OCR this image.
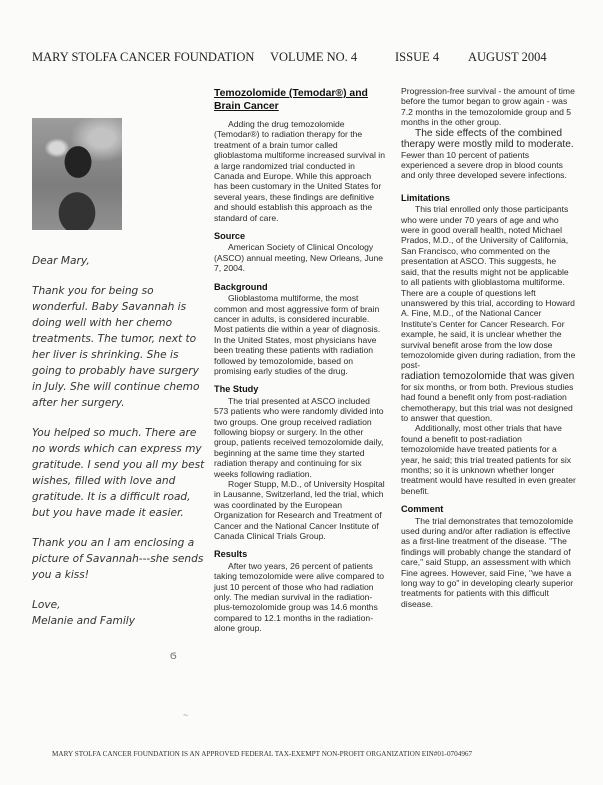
MARY STOLFA CANCER FOUNDATION VOLUME NO. 4	ISSUE 4 AUGUST 2004

Dear Mary,

Thank you for being so wonderful. Baby Savannah is doing well with her chemo treatments. The tumor, next to her liver is shrinking. She is going to probably have surgery in July. She will continue chemo after her surgery.

You helped so much. There are no words which can express my gratitude. I send you all my best wishes, filled with love and gratitude. It is a difficult road, but you have made it easier.

Thank you an I am enclosing a picture of Savannah---she sends you a kiss!

Love,

Melanie and Family

ϭ
~
Temozolomide (Temodar®) and Brain Cancer

Adding the drug temozolomide (Temodar®) to radiation therapy for the treatment of a brain tumor called glioblastoma multiforme increased survival in a large randomized trial conducted in Canada and Europe. While this approach has been customary in the United States for several years, these findings are definitive and should establish this approach as the standard of care.

Source

American Society of Clinical Oncology (ASCO) annual meeting, New Orleans, June 7, 2004.

Background

Glioblastoma multiforme, the most common and most aggressive form of brain cancer in adults, is considered incurable. Most patients die within a year of diagnosis. In the United States, most physicians have been treating these patients with radiation followed by temozolomide, based on promising early studies of the drug.

The Study

The trial presented at ASCO included 573 patients who were randomly divided into two groups. One group received radiation following biopsy or surgery. In the other group, patients received temozolomide daily, beginning at the same time they started radiation therapy and continuing for six weeks following radiation.

Roger Stupp, M.D., of University Hospital in Lausanne, Switzerland, led the trial, which was coordinated by the European Organization for Research and Treatment of Cancer and the National Cancer Institute of Canada Clinical Trials Group.

Results

After two years, 26 percent of patients taking temozolomide were alive compared to just 10 percent of those who had radiation only. The median survival in the radiation-plus-temozolomide group was 14.6 months compared to 12.1 months in the radiation-alone group.

Progression-free survival - the amount of time before the tumor began to grow again - was 7.2 months in the temozolomide group and 5 months in the other group.

The side effects of the combined therapy were mostly mild to moderate.

Fewer than 10 percent of patients experienced a severe drop in blood counts and only three developed severe infections.

Limitations

This trial enrolled only those participants who were under 70 years of age and who were in good overall health, noted Michael Prados, M.D., of the University of California, San Francisco, who commented on the presentation at ASCO. This suggests, he said, that the results might not be applicable to all patients with glioblastoma multiforme. There are a couple of questions left unanswered by this trial, according to Howard A. Fine, M.D., of the National Cancer Institute's Center for Cancer Research. For example, he said, it is unclear whether the survival benefit arose from the low dose temozolomide given during radiation, from the post-

radiation temozolomide that was given

for six months, or from both. Previous studies had found a benefit only from post-radiation chemotherapy, but this trial was not designed to answer that question.

Additionally, most other trials that have found a benefit to post-radiation temozolomide have treated patients for a year, he said; this trial treated patients for six months; so it is unknown whether longer treatment would have resulted in even greater benefit.

Comment

The trial demonstrates that temozolomide used during and/or after radiation is effective as a first-line treatment of the disease. "The findings will probably change the standard of care," said Stupp, an assessment with which Fine agrees. However, said Fine, "we have a long way to go" in developing clearly superior treatments for patients with this difficult disease.

MARY STOLFA CANCER FOUNDATION IS AN APPROVED FEDERAL TAX-EXEMPT NON-PROFIT ORGANIZATION EIN#01-0704967
